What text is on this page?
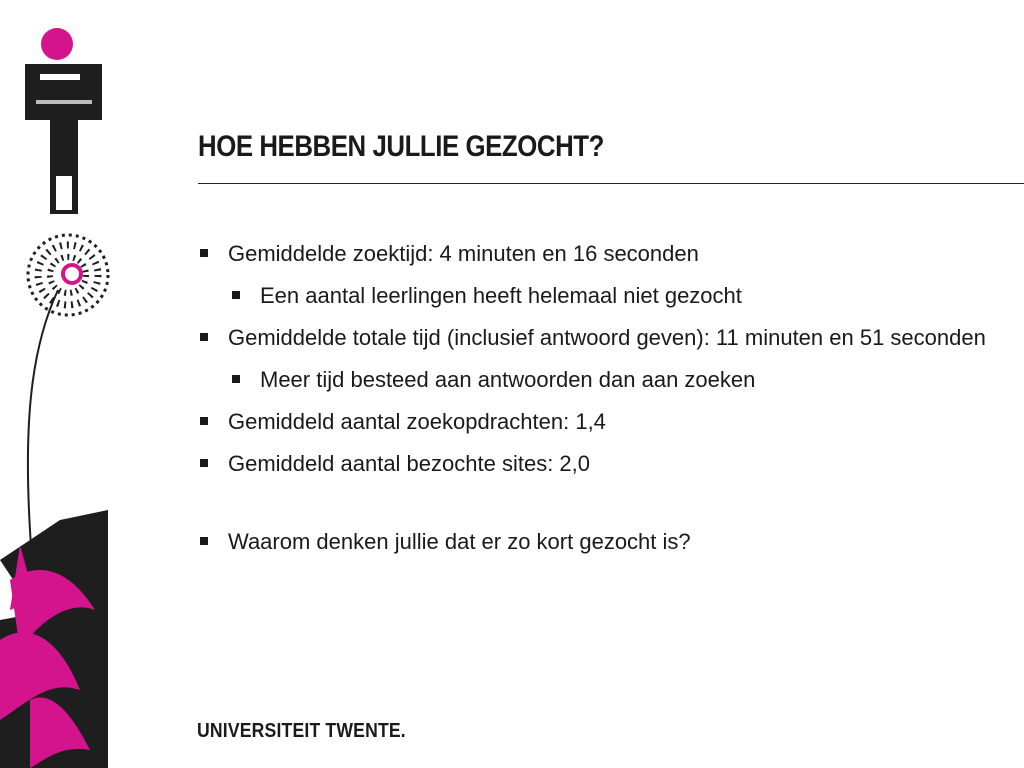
HOE HEBBEN JULLIE GEZOCHT?
Gemiddelde zoektijd: 4 minuten en 16 seconden
Een aantal leerlingen heeft helemaal niet gezocht
Gemiddelde totale tijd (inclusief antwoord geven): 11 minuten en 51 seconden
Meer tijd besteed aan antwoorden dan aan zoeken
Gemiddeld aantal zoekopdrachten: 1,4
Gemiddeld aantal bezochte sites: 2,0
Waarom denken jullie dat er zo kort gezocht is?
UNIVERSITEIT TWENTE.
